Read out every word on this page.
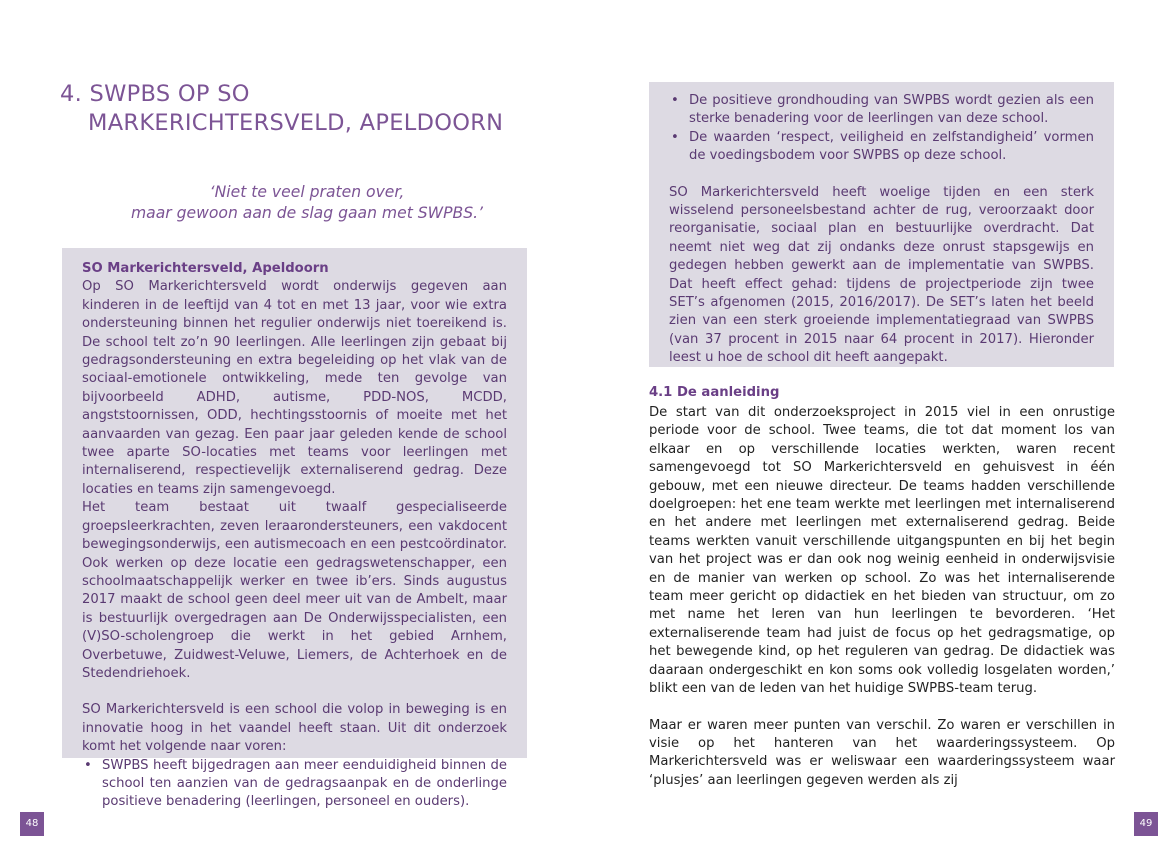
4. SWPBS OP SO

MARKERICHTERSVELD, APELDOORN

‘Niet te veel praten over,
maar gewoon aan de slag gaan met SWPBS.’

SO Markerichtersveld, Apeldoorn

Op SO Markerichtersveld wordt onderwijs gegeven aan kinderen in de leeftijd van 4 tot en met 13 jaar, voor wie extra ondersteuning binnen het regulier onderwijs niet toereikend is. De school telt zo’n 90 leerlingen. Alle leerlingen zijn gebaat bij gedragsondersteuning en extra begeleiding op het vlak van de sociaal-emotionele ontwikkeling, mede ten gevolge van bijvoorbeeld ADHD, autisme, PDD-NOS, MCDD, angststoornissen, ODD, hechtingsstoornis of moeite met het aanvaarden van gezag. Een paar jaar geleden kende de school twee aparte SO-locaties met teams voor leerlingen met internaliserend, respectievelijk externaliserend gedrag. Deze locaties en teams zijn samengevoegd.

Het team bestaat uit twaalf gespecialiseerde groepsleerkrachten, zeven leraarondersteuners, een vakdocent bewegingsonderwijs, een autismecoach en een pestcoördinator. Ook werken op deze locatie een gedragswetenschapper, een schoolmaatschappelijk werker en twee ib’ers. Sinds augustus 2017 maakt de school geen deel meer uit van de Ambelt, maar is bestuurlijk overgedragen aan De Onderwijsspecialisten, een (V)SO-scholengroep die werkt in het gebied Arnhem, Overbetuwe, Zuidwest-Veluwe, Liemers, de Achterhoek en de Stedendriehoek.

SO Markerichtersveld is een school die volop in beweging is en innovatie hoog in het vaandel heeft staan. Uit dit onderzoek komt het volgende naar voren:

• SWPBS heeft bijgedragen aan meer eenduidigheid binnen de school ten aanzien van de gedragsaanpak en de onderlinge positieve benadering (leerlingen, personeel en ouders).
48
• De positieve grondhouding van SWPBS wordt gezien als een sterke benadering voor de leerlingen van deze school.
• De waarden ‘respect, veiligheid en zelfstandigheid’ vormen de voedingsbodem voor SWPBS op deze school.

SO Markerichtersveld heeft woelige tijden en een sterk wisselend personeelsbestand achter de rug, veroorzaakt door reorganisatie, sociaal plan en bestuurlijke overdracht. Dat neemt niet weg dat zij ondanks deze onrust stapsgewijs en gedegen hebben gewerkt aan de implementatie van SWPBS. Dat heeft effect gehad: tijdens de projectperiode zijn twee SET’s afgenomen (2015, 2016/2017). De SET’s laten het beeld zien van een sterk groeiende implementatiegraad van SWPBS (van 37 procent in 2015 naar 64 procent in 2017). Hieronder leest u hoe de school dit heeft aangepakt.

4.1 De aanleiding

De start van dit onderzoeksproject in 2015 viel in een onrustige periode voor de school. Twee teams, die tot dat moment los van elkaar en op verschillende locaties werkten, waren recent samengevoegd tot SO Markerichtersveld en gehuisvest in één gebouw, met een nieuwe directeur. De teams hadden verschillende doelgroepen: het ene team werkte met leerlingen met internaliserend en het andere met leerlingen met externaliserend gedrag. Beide teams werkten vanuit verschillende uitgangspunten en bij het begin van het project was er dan ook nog weinig eenheid in onderwijsvisie en de manier van werken op school. Zo was het internaliserende team meer gericht op didactiek en het bieden van structuur, om zo met name het leren van hun leerlingen te bevorderen. ‘Het externaliserende team had juist de focus op het gedragsmatige, op het bewegende kind, op het reguleren van gedrag. De didactiek was daaraan ondergeschikt en kon soms ook volledig losgelaten worden,’ blikt een van de leden van het huidige SWPBS-team terug.

Maar er waren meer punten van verschil. Zo waren er verschillen in visie op het hanteren van het waarderingssysteem. Op Markerichtersveld was er weliswaar een waarderingssysteem waar ‘plusjes’ aan leerlingen gegeven werden als zij

49
